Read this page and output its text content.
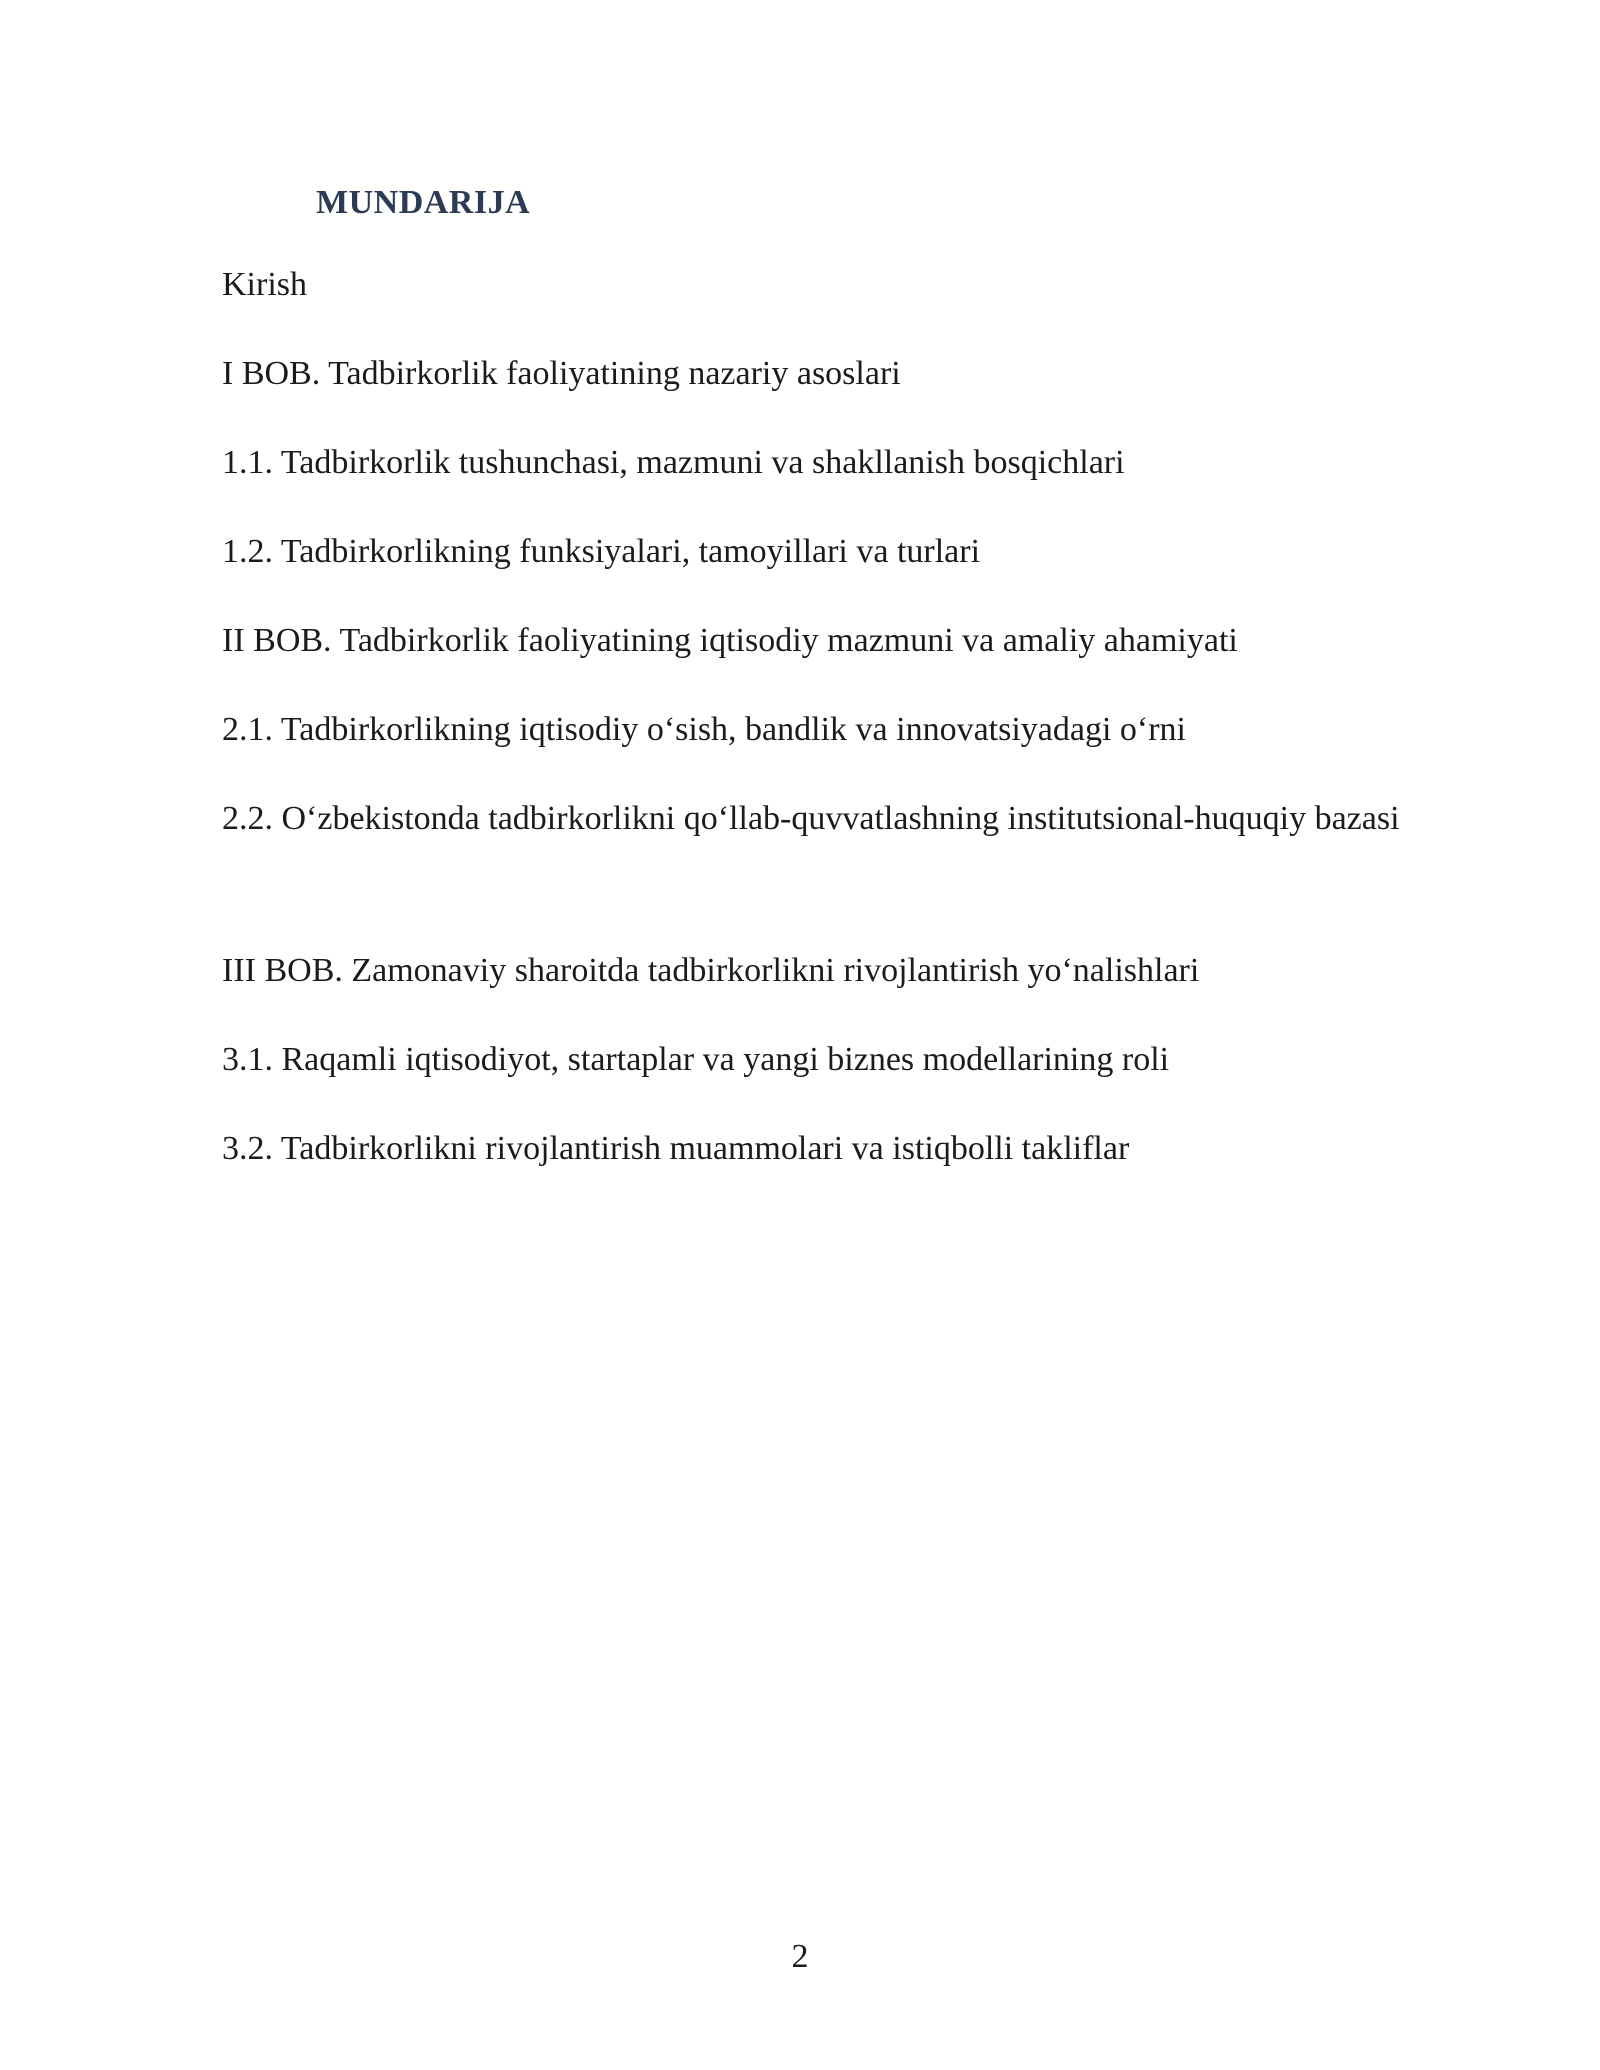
MUNDARIJA

Kirish

I BOB. Tadbirkorlik faoliyatining nazariy asoslari

1.1. Tadbirkorlik tushunchasi, mazmuni va shakllanish bosqichlari

1.2. Tadbirkorlikning funksiyalari, tamoyillari va turlari

II BOB. Tadbirkorlik faoliyatining iqtisodiy mazmuni va amaliy ahamiyati

2.1. Tadbirkorlikning iqtisodiy o‘sish, bandlik va innovatsiyadagi o‘rni

2.2. O‘zbekistonda tadbirkorlikni qo‘llab-quvvatlashning institutsional-huquqiy bazasi

III BOB. Zamonaviy sharoitda tadbirkorlikni rivojlantirish yo‘nalishlari

3.1. Raqamli iqtisodiyot, startaplar va yangi biznes modellarining roli

3.2. Tadbirkorlikni rivojlantirish muammolari va istiqbolli takliflar

2
